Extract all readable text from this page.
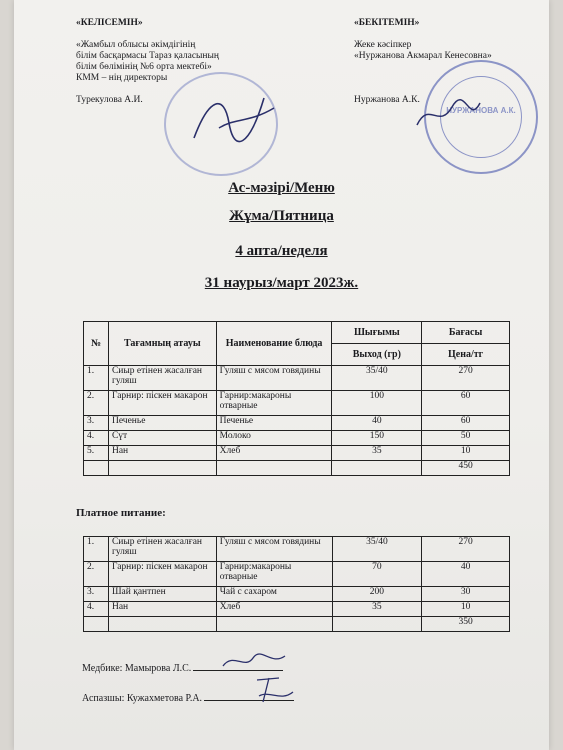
«КЕЛІСЕМІН»
«Жамбыл облысы әкімдігінің
білім басқармасы Тараз қаласының
білім бөлімінің №6 орта мектебі»
КММ – нің директоры
Турекулова А.И.
«БЕКІТЕМІН»
Жеке кәсіпкер
«Нуржанова Акмарал Кенесовна»
Нуржанова А.К.
НУРЖАНОВА А.К.
Ас-мәзірі/Меню
Жұма/Пятница
4 апта/неделя
31 наурыз/март 2023ж.
№	Тағамның атауы	Наименование блюда	Шығымы	Бағасы
			Выход (гр)	Цена/тг
1.	Сиыр етінен жасалған гуляш	Гуляш с мясом говядины	35/40	270
2.	Гарнир: піскен макарон	Гарнир:макароны отварные	100	60
3.	Печенье	Печенье	40	60
4.	Сүт	Молоко	150	50
5.	Нан	Хлеб	35	10
				450
Платное питание:
1.	Сиыр етінен жасалған гуляш	Гуляш с мясом говядины	35/40	270
2.	Гарнир: піскен макарон	Гарнир:макароны отварные	70	40
3.	Шай қантпен	Чай с сахаром	200	30
4.	Нан	Хлеб	35	10
				350
Медбике: Мамырова Л.С.
Аспазшы: Кужахметова Р.А.
